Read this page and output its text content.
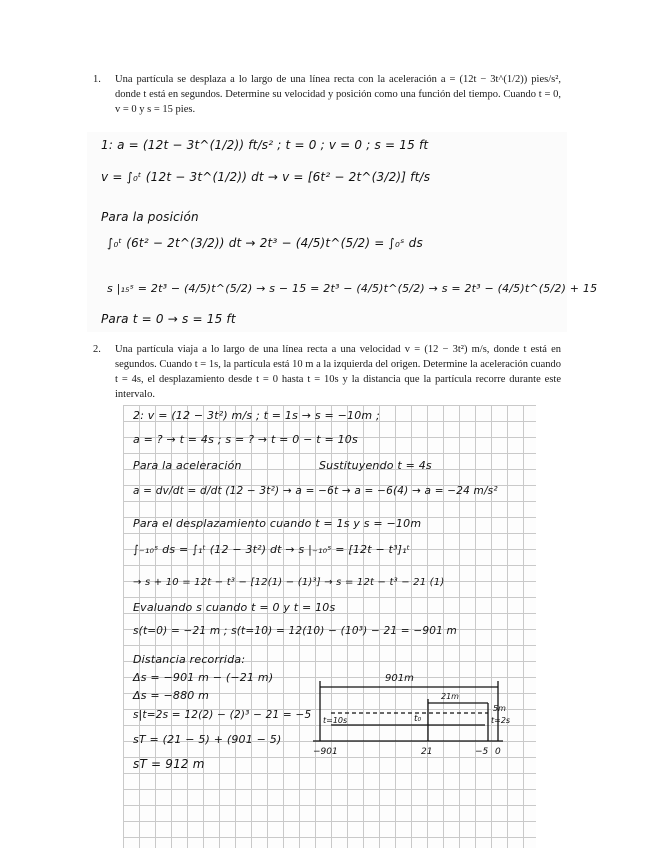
1. Una partícula se desplaza a lo largo de una línea recta con la aceleración a = (12t − 3t^(1/2)) pies/s², donde t está en segundos. Determine su velocidad y posición como una función del tiempo. Cuando t = 0, v = 0 y s = 15 pies.
1: a = (12t − 3t^(1/2)) ft/s² ; t = 0 ; v = 0 ; s = 15 ft
v = ∫₀ᵗ (12t − 3t^(1/2)) dt → v = [6t² − 2t^(3/2)] ft/s
Para la posición
∫₀ᵗ (6t² − 2t^(3/2)) dt → 2t³ − (4/5)t^(5/2) = ∫₀ˢ ds
s |₁₅ˢ = 2t³ − (4/5)t^(5/2) → s − 15 = 2t³ − (4/5)t^(5/2) → s = 2t³ − (4/5)t^(5/2) + 15
Para t = 0 → s = 15 ft
2. Una partícula viaja a lo largo de una línea recta a una velocidad v = (12 − 3t²) m/s, donde t está en segundos. Cuando t = 1s, la partícula está 10 m a la izquierda del origen. Determine la aceleración cuando t = 4s, el desplazamiento desde t = 0 hasta t = 10s y la distancia que la partícula recorre durante este intervalo.
2: v = (12 − 3t²) m/s ; t = 1s → s = −10m ;
a = ? → t = 4s ; s = ? → t = 0 − t = 10s
Para la aceleración	Sustituyendo t = 4s
a = dv/dt = d/dt (12 − 3t²) → a = −6t → a = −6(4) → a = −24 m/s²
Para el desplazamiento cuando t = 1s y s = −10m
∫₋₁₀ˢ ds = ∫₁ᵗ (12 − 3t²) dt → s |₋₁₀ˢ = [12t − t³]₁ᵗ
→ s + 10 = 12t − t³ − [12(1) − (1)³] → s = 12t − t³ − 21 (1)
Evaluando s cuando t = 0 y t = 10s
s(t=0) = −21 m ; s(t=10) = 12(10) − (10³) − 21 = −901 m
Distancia recorrida:
Δs = −901 m − (−21 m)
Δs = −880 m
s|t=2s = 12(2) − (2)³ − 21 = −5
sT = (21 − 5) + (901 − 5)
sT = 912 m
901m
21m
5m
t=10s	t₀	t=2s
−901	21	−5 0
